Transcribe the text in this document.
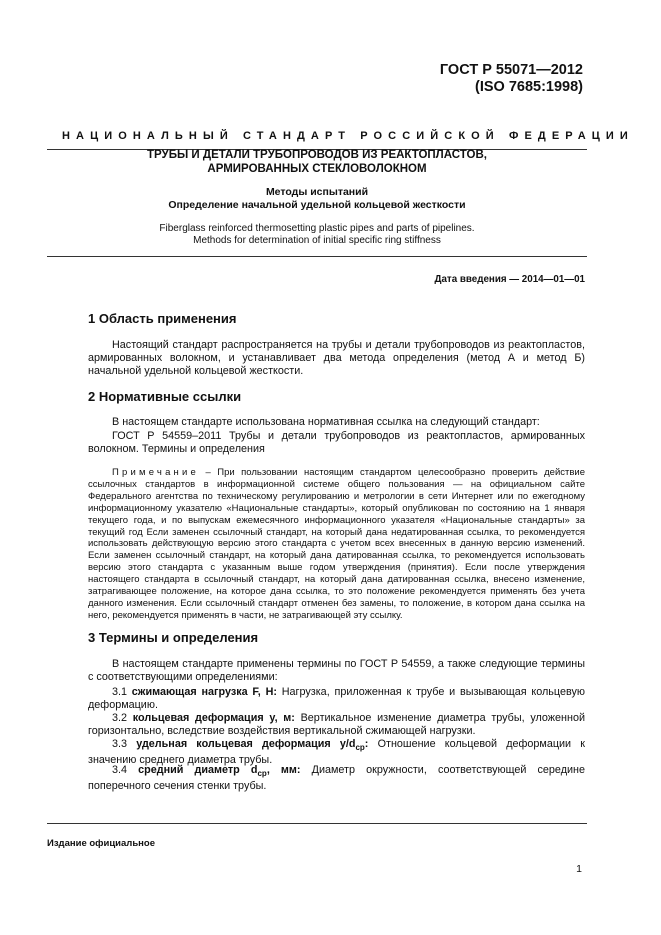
ГОСТ Р 55071—2012
(ISO 7685:1998)
НАЦИОНАЛЬНЫЙ СТАНДАРТ РОССИЙСКОЙ ФЕДЕРАЦИИ
ТРУБЫ И ДЕТАЛИ ТРУБОПРОВОДОВ ИЗ РЕАКТОПЛАСТОВ,
АРМИРОВАННЫХ СТЕКЛОВОЛОКНОМ
Методы испытаний
Определение начальной удельной кольцевой жесткости
Fiberglass reinforced thermosetting plastic pipes and parts of pipelines.
Methods for determination of initial specific ring stiffness
Дата введения — 2014—01—01
1 Область применения
Настоящий стандарт распространяется на трубы и детали трубопроводов из реактопластов, армированных волокном, и устанавливает два метода определения (метод А и метод Б) начальной удельной кольцевой жесткости.
2 Нормативные ссылки
В настоящем стандарте использована нормативная ссылка на следующий стандарт:
ГОСТ Р 54559–2011 Трубы и детали трубопроводов из реактопластов, армированных волокном. Термины и определения
Примечание – При пользовании настоящим стандартом целесообразно проверить действие ссылочных стандартов в информационной системе общего пользования — на официальном сайте Федерального агентства по техническому регулированию и метрологии в сети Интернет или по ежегодному информационному указателю «Национальные стандарты», который опубликован по состоянию на 1 января текущего года, и по выпускам ежемесячного информационного указателя «Национальные стандарты» за текущий год Если заменен ссылочный стандарт, на который дана недатированная ссылка, то рекомендуется использовать действующую версию этого стандарта с учетом всех внесенных в данную версию изменений. Если заменен ссылочный стандарт, на который дана датированная ссылка, то рекомендуется использовать версию этого стандарта с указанным выше годом утверждения (принятия). Если после утверждения настоящего стандарта в ссылочный стандарт, на который дана датированная ссылка, внесено изменение, затрагивающее положение, на которое дана ссылка, то это положение рекомендуется применять без учета данного изменения. Если ссылочный стандарт отменен без замены, то положение, в котором дана ссылка на него, рекомендуется применять в части, не затрагивающей эту ссылку.
3 Термины и определения
В настоящем стандарте применены термины по ГОСТ Р 54559, а также следующие термины с соответствующими определениями:
3.1 сжимающая нагрузка F, Н: Нагрузка, приложенная к трубе и вызывающая кольцевую деформацию.
3.2 кольцевая деформация y, м: Вертикальное изменение диаметра трубы, уложенной горизонтально, вследствие воздействия вертикальной сжимающей нагрузки.
3.3 удельная кольцевая деформация $y/d_{ср}$: Отношение кольцевой деформации к значению среднего диаметра трубы.
3.4 средний диаметр $d_{ср}$, мм: Диаметр окружности, соответствующей середине поперечного сечения стенки трубы.
Издание официальное
1
